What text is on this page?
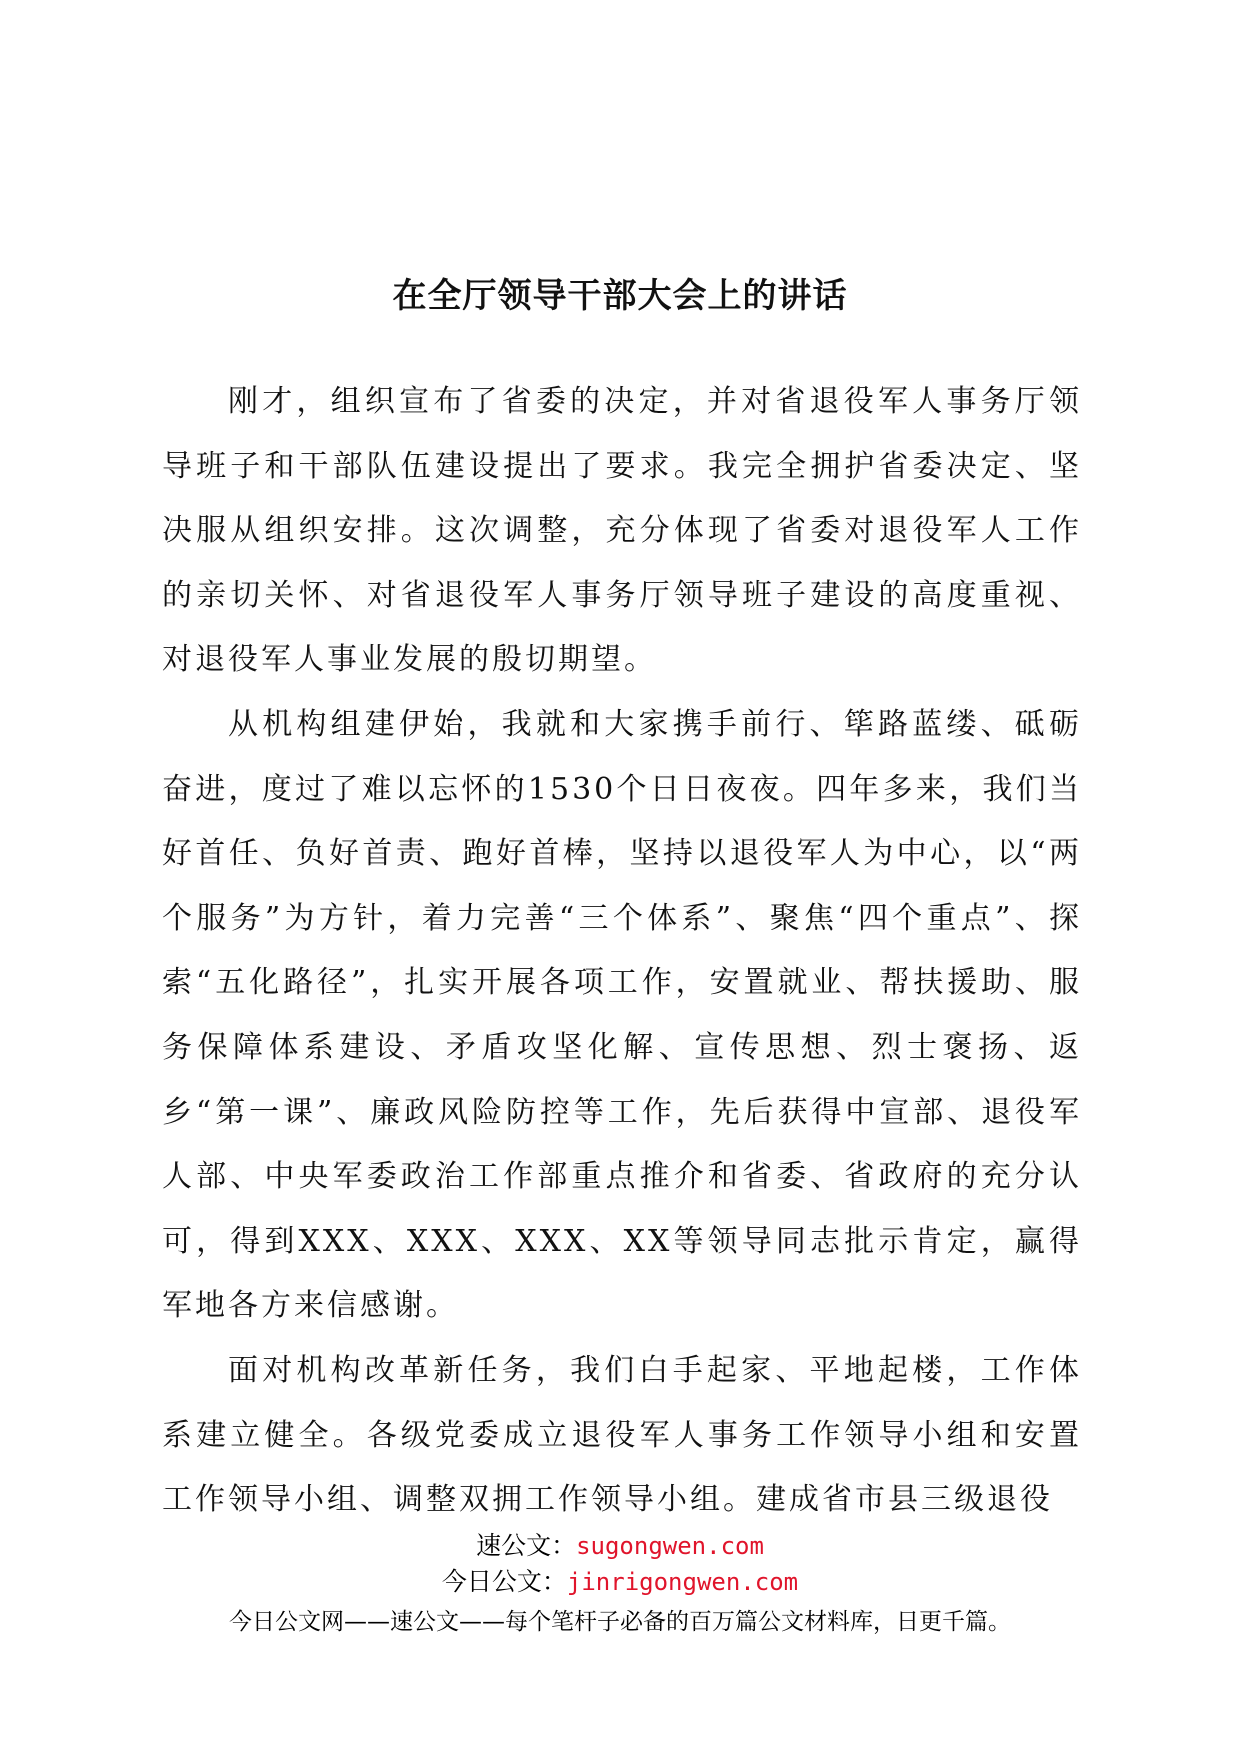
在全厅领导干部大会上的讲话

刚才，组织宣布了省委的决定，并对省退役军人事务厅领导班子和干部队伍建设提出了要求。我完全拥护省委决定、坚决服从组织安排。这次调整，充分体现了省委对退役军人工作的亲切关怀、对省退役军人事务厅领导班子建设的高度重视、对退役军人事业发展的殷切期望。

从机构组建伊始，我就和大家携手前行、筚路蓝缕、砥砺奋进，度过了难以忘怀的1530个日日夜夜。四年多来，我们当好首任、负好首责、跑好首棒，坚持以退役军人为中心，以“两个服务”为方针，着力完善“三个体系”、聚焦“四个重点”、探索“五化路径”，扎实开展各项工作，安置就业、帮扶援助、服务保障体系建设、矛盾攻坚化解、宣传思想、烈士褒扬、返乡“第一课”、廉政风险防控等工作，先后获得中宣部、退役军人部、中央军委政治工作部重点推介和省委、省政府的充分认可，得到XXX、XXX、XXX、XX等领导同志批示肯定，赢得军地各方来信感谢。

面对机构改革新任务，我们白手起家、平地起楼，工作体系建立健全。各级党委成立退役军人事务工作领导小组和安置工作领导小组、调整双拥工作领导小组。建成省市县三级退役

速公文：sugongwen.com
今日公文：jinrigongwen.com
今日公文网——速公文——每个笔杆子必备的百万篇公文材料库，日更千篇。
